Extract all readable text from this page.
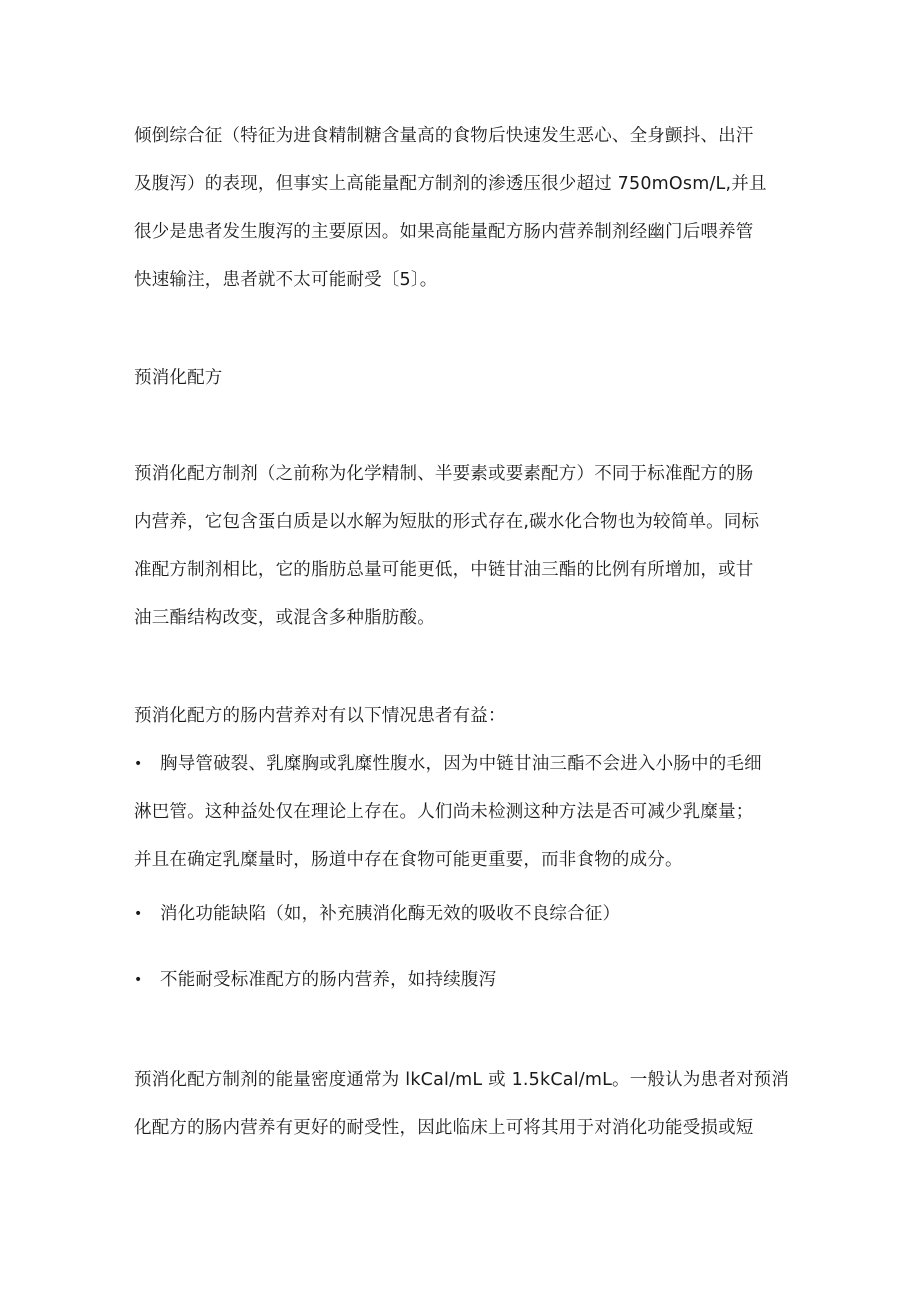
倾倒综合征（特征为进食精制糖含量高的食物后快速发生恶心、全身颤抖、出汗
及腹泻）的表现，但事实上高能量配方制剂的渗透压很少超过 750mOsm/L,并且
很少是患者发生腹泻的主要原因。如果高能量配方肠内营养制剂经幽门后喂养管
快速输注，患者就不太可能耐受〔5〕。
预消化配方
预消化配方制剂（之前称为化学精制、半要素或要素配方）不同于标准配方的肠
内营养，它包含蛋白质是以水解为短肽的形式存在,碳水化合物也为较简单。同标
准配方制剂相比，它的脂肪总量可能更低，中链甘油三酯的比例有所增加，或甘
油三酯结构改变，或混含多种脂肪酸。
预消化配方的肠内营养对有以下情况患者有益：
• 胸导管破裂、乳糜胸或乳糜性腹水，因为中链甘油三酯不会进入小肠中的毛细
淋巴管。这种益处仅在理论上存在。人们尚未检测这种方法是否可减少乳糜量；
并且在确定乳糜量时，肠道中存在食物可能更重要，而非食物的成分。
• 消化功能缺陷（如，补充胰消化酶无效的吸收不良综合征）
• 不能耐受标准配方的肠内营养，如持续腹泻
预消化配方制剂的能量密度通常为 lkCal/mL 或 1.5kCal/mL。一般认为患者对预消
化配方的肠内营养有更好的耐受性，因此临床上可将其用于对消化功能受损或短
